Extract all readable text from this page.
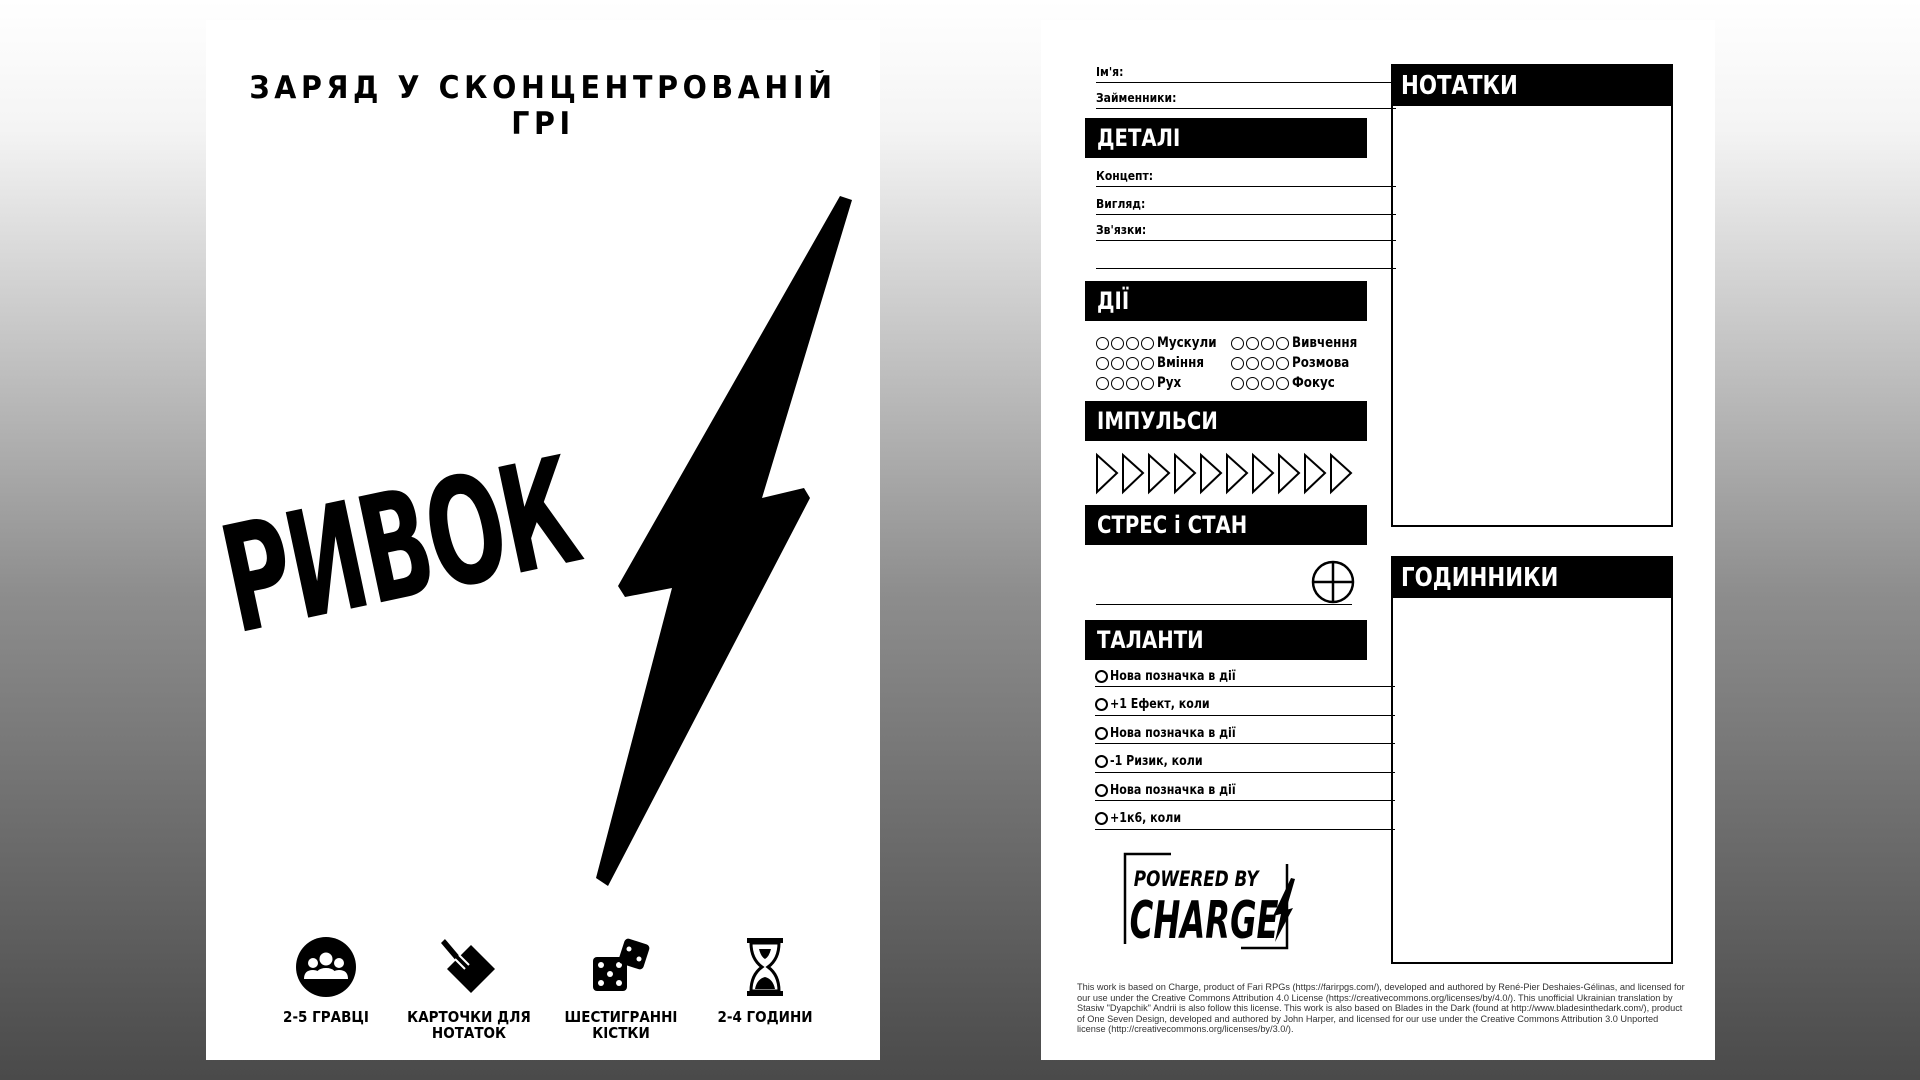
ЗАРЯД У СКОНЦЕНТРОВАНІЙ ГРІ
РИВОК
2-5 ГРАВЦІ	КАРТОЧКИ ДЛЯ
НОТАТОК
ШЕСТИГРАННІ
КІСТКИ
2-4 ГОДИНИ
Ім'я:
Займенники:
ДЕТАЛІ
Концепт:
Вигляд:
Зв'язки:
ДІЇ
Мускули	Вивчення
Вміння	Розмова
Рух	Фокус
ІМПУЛЬСИ
СТРЕС і СТАН
ТАЛАНТИ
Нова позначка в дії
+1 Ефект, коли
Нова позначка в дії
-1 Ризик, коли
Нова позначка в дії
+1к6, коли
POWERED BY
CHARGE
НОТАТКИ
ГОДИННИКИ
This work is based on Charge, product of Fari RPGs (https://farirpgs.com/), developed and authored by René-Pier Deshaies-Gélinas, and licensed for our use under the Creative Commons Attribution 4.0 License (https://creativecommons.org/licenses/by/4.0/). This unofficial Ukrainian translation by Stasiw "Dyapchik" Andrii is also follow this license. This work is also based on Blades in the Dark (found at http://www.bladesinthedark.com/), product of One Seven Design, developed and authored by John Harper, and licensed for our use under the Creative Commons Attribution 3.0 Unported license (http://creativecommons.org/licenses/by/3.0/).
